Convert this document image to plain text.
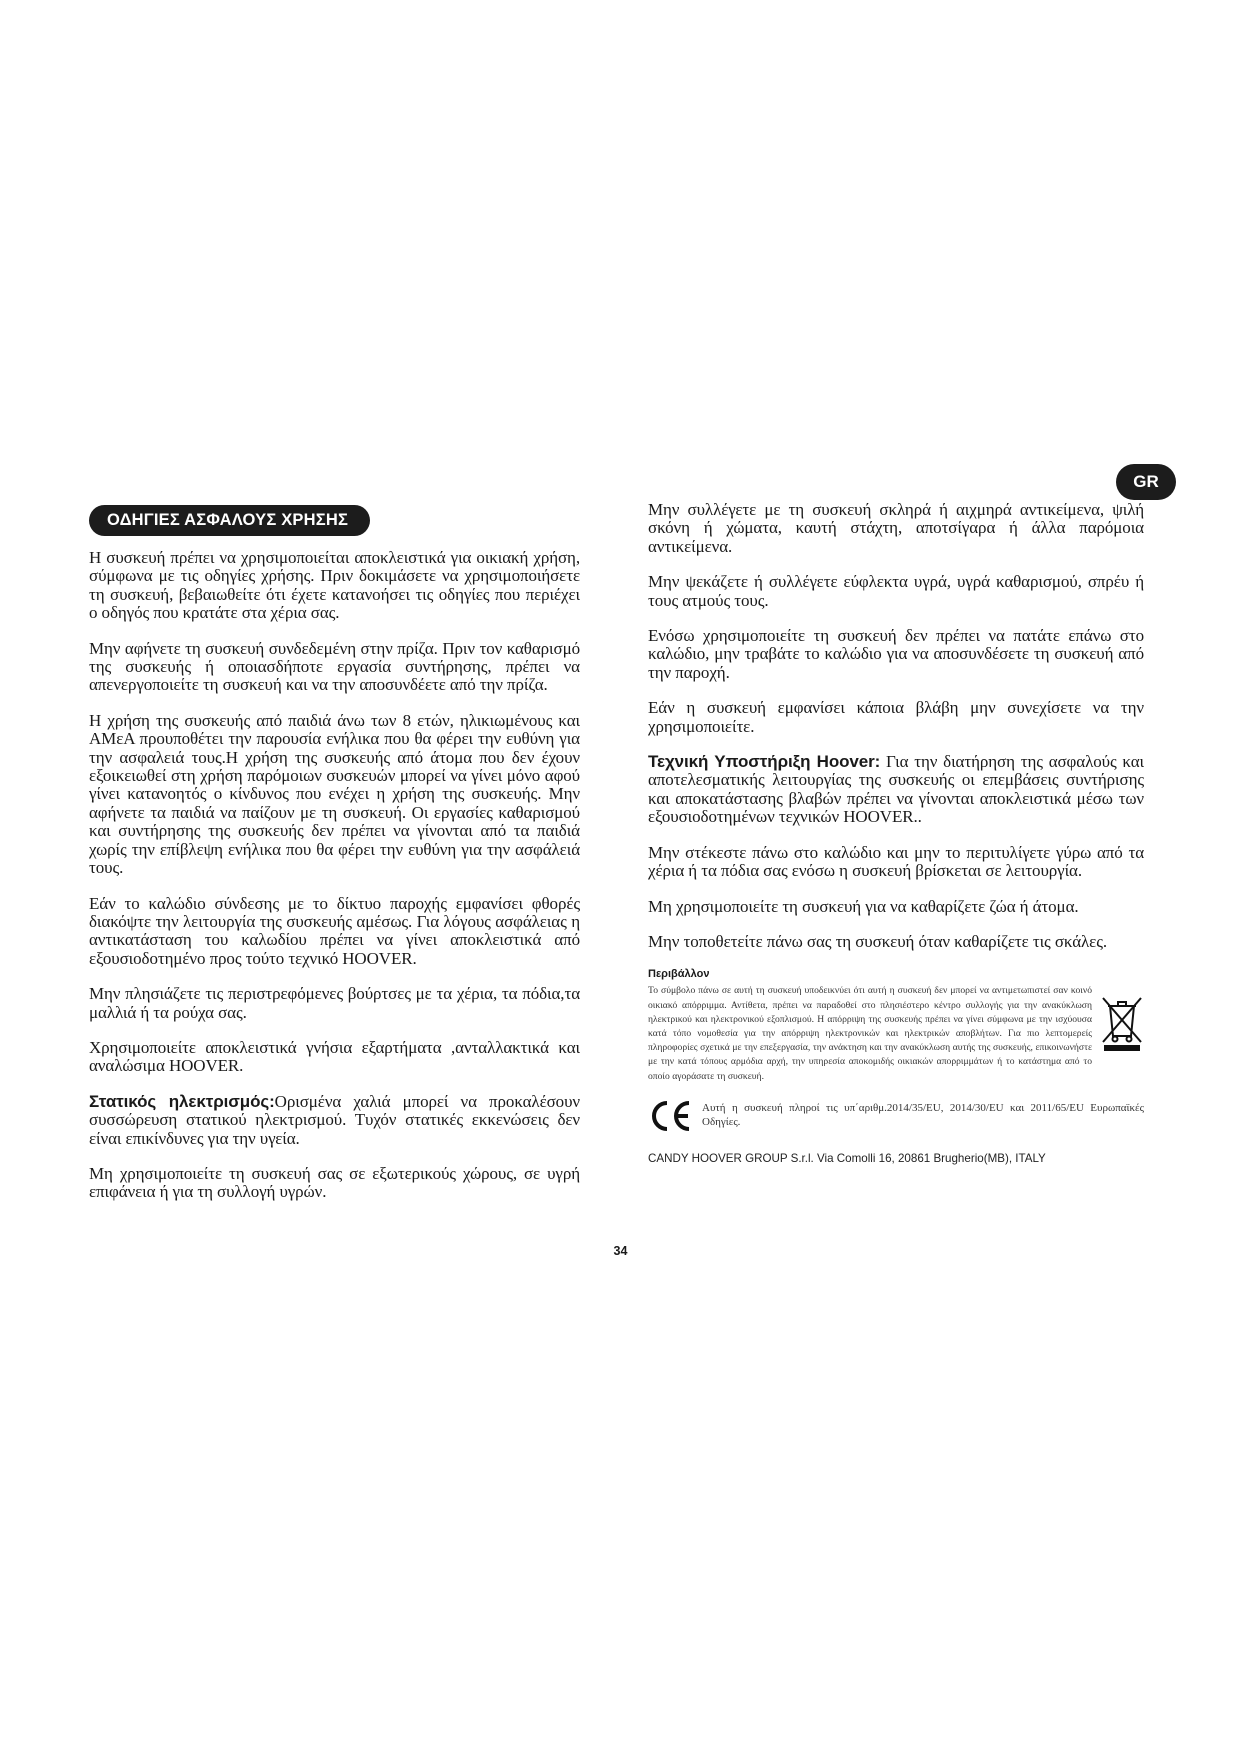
GR
ΟΔΗΓΙΕΣ ΑΣΦΑΛΟΥΣ ΧΡΗΣΗΣ

Η συσκευή πρέπει να χρησιμοποιείται αποκλειστικά για οικιακή χρήση, σύμφωνα με τις οδηγίες χρήσης. Πριν δοκιμάσετε να χρησιμοποιήσετε τη συσκευή, βεβαιωθείτε ότι έχετε κατανοήσει τις οδηγίες που περιέχει ο οδηγός που κρατάτε στα χέρια σας.

Μην αφήνετε τη συσκευή συνδεδεμένη στην πρίζα. Πριν τον καθαρισμό της συσκευής ή οποιασδήποτε εργασία συντήρησης, πρέπει να απενεργοποιείτε τη συσκευή και να την αποσυνδέετε από την πρίζα.

Η χρήση της συσκευής από παιδιά άνω των 8 ετών, ηλικιωμένους και ΑΜεΑ προυποθέτει την παρουσία ενήλικα που θα φέρει την ευθύνη για την ασφαλειά τους.Η χρήση της συσκευής από άτομα που δεν έχουν εξοικειωθεί στη χρήση παρόμοιων συσκευών μπορεί να γίνει μόνο αφού γίνει κατανοητός ο κίνδυνος που ενέχει η χρήση της συσκευής. Μην αφήνετε τα παιδιά να παίζουν με τη συσκευή. Οι εργασίες καθαρισμού και συντήρησης της συσκευής δεν πρέπει να γίνονται από τα παιδιά χωρίς την επίβλεψη ενήλικα που θα φέρει την ευθύνη για την ασφάλειά τους.

Εάν το καλώδιο σύνδεσης με το δίκτυο παροχής εμφανίσει φθορές διακόψτε την λειτουργία της συσκευής αμέσως. Για λόγους ασφάλειας η αντικατάσταση του καλωδίου πρέπει να γίνει αποκλειστικά από εξουσιοδοτημένο προς τούτο τεχνικό HOOVER.

Μην πλησιάζετε τις περιστρεφόμενες βούρτσες με τα χέρια, τα πόδια,τα μαλλιά ή τα ρούχα σας.

Χρησιμοποιείτε αποκλειστικά γνήσια εξαρτήματα ,ανταλλακτικά και αναλώσιμα HOOVER.

Στατικός ηλεκτρισμός:Ορισμένα χαλιά μπορεί να προκαλέσουν συσσώρευση στατικού ηλεκτρισμού. Τυχόν στατικές εκκενώσεις δεν είναι επικίνδυνες για την υγεία.

Μη χρησιμοποιείτε τη συσκευή σας σε εξωτερικούς χώρους, σε υγρή επιφάνεια ή για τη συλλογή υγρών.

Μην συλλέγετε με τη συσκευή σκληρά ή αιχμηρά αντικείμενα, ψιλή σκόνη ή χώματα, καυτή στάχτη, αποτσίγαρα ή άλλα παρόμοια αντικείμενα.

Μην ψεκάζετε ή συλλέγετε εύφλεκτα υγρά, υγρά καθαρισμού, σπρέυ ή τους ατμούς τους.

Ενόσω χρησιμοποιείτε τη συσκευή δεν πρέπει να πατάτε επάνω στο καλώδιο, μην τραβάτε το καλώδιο για να αποσυνδέσετε τη συσκευή από την παροχή.

Εάν η συσκευή εμφανίσει κάποια βλάβη μην συνεχίσετε να την χρησιμοποιείτε.

Τεχνική Υποστήριξη Hoover: Για την διατήρηση της ασφαλούς και αποτελεσματικής λειτουργίας της συσκευής οι επεμβάσεις συντήρισης και αποκατάστασης βλαβών πρέπει να γίνονται αποκλειστικά μέσω των εξουσιοδοτημένων τεχνικών HOOVER..

Μην στέκεστε πάνω στο καλώδιο και μην το περιτυλίγετε γύρω από τα χέρια ή τα πόδια σας ενόσω η συσκευή βρίσκεται σε λειτουργία.

Μη χρησιμοποιείτε τη συσκευή για να καθαρίζετε ζώα ή άτομα.

Μην τοποθετείτε πάνω σας τη συσκευή όταν καθαρίζετε τις σκάλες.

Περιβάλλον

Το σύμβολο πάνω σε αυτή τη συσκευή υποδεικνύει ότι αυτή η συσκευή δεν μπορεί να αντιμετωπιστεί σαν κοινό οικιακό απόρριμμα. Αντίθετα, πρέπει να παραδοθεί στο πλησιέστερο κέντρο συλλογής για την ανακύκλωση ηλεκτρικού και ηλεκτρονικού εξοπλισμού. Η απόρριψη της συσκευής πρέπει να γίνει σύμφωνα με την ισχύουσα κατά τόπο νομοθεσία για την απόρριψη ηλεκτρονικών και ηλεκτρικών αποβλήτων. Για πιο λεπτομερείς πληροφορίες σχετικά με την επεξεργασία, την ανάκτηση και την ανακύκλωση αυτής της συσκευής, επικοινωνήστε με την κατά τόπους αρμόδια αρχή, την υπηρεσία αποκομιδής οικιακών απορριμμάτων ή το κατάστημα από το οποίο αγοράσατε τη συσκευή.

Αυτή η συσκευή πληροί τις υπ΄αριθμ.2014/35/EU, 2014/30/EU και 2011/65/EU Ευρωπαϊκές Οδηγίες.
CANDY HOOVER GROUP S.r.l. Via Comolli 16, 20861 Brugherio(MB), ITALY
34
